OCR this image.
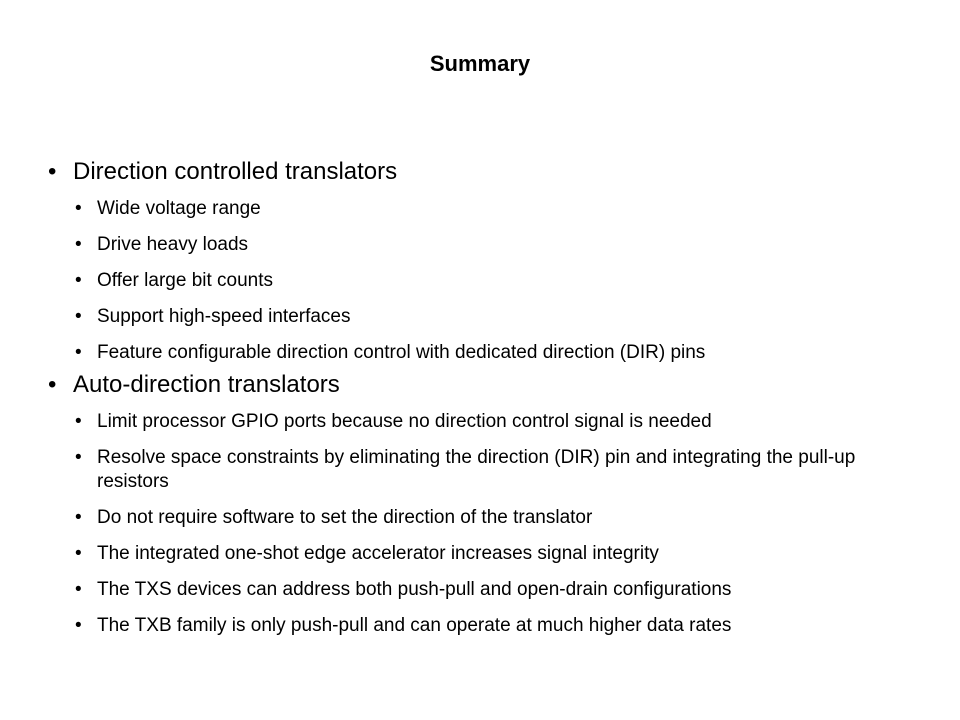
Summary
• Direction controlled translators
• Wide voltage range
• Drive heavy loads
• Offer large bit counts
• Support high-speed interfaces
• Feature configurable direction control with dedicated direction (DIR) pins
• Auto-direction translators
• Limit processor GPIO ports because no direction control signal is needed
• Resolve space constraints by eliminating the direction (DIR) pin and integrating the pull-up resistors
• Do not require software to set the direction of the translator
• The integrated one-shot edge accelerator increases signal integrity
• The TXS devices can address both push-pull and open-drain configurations
• The TXB family is only push-pull and can operate at much higher data rates
